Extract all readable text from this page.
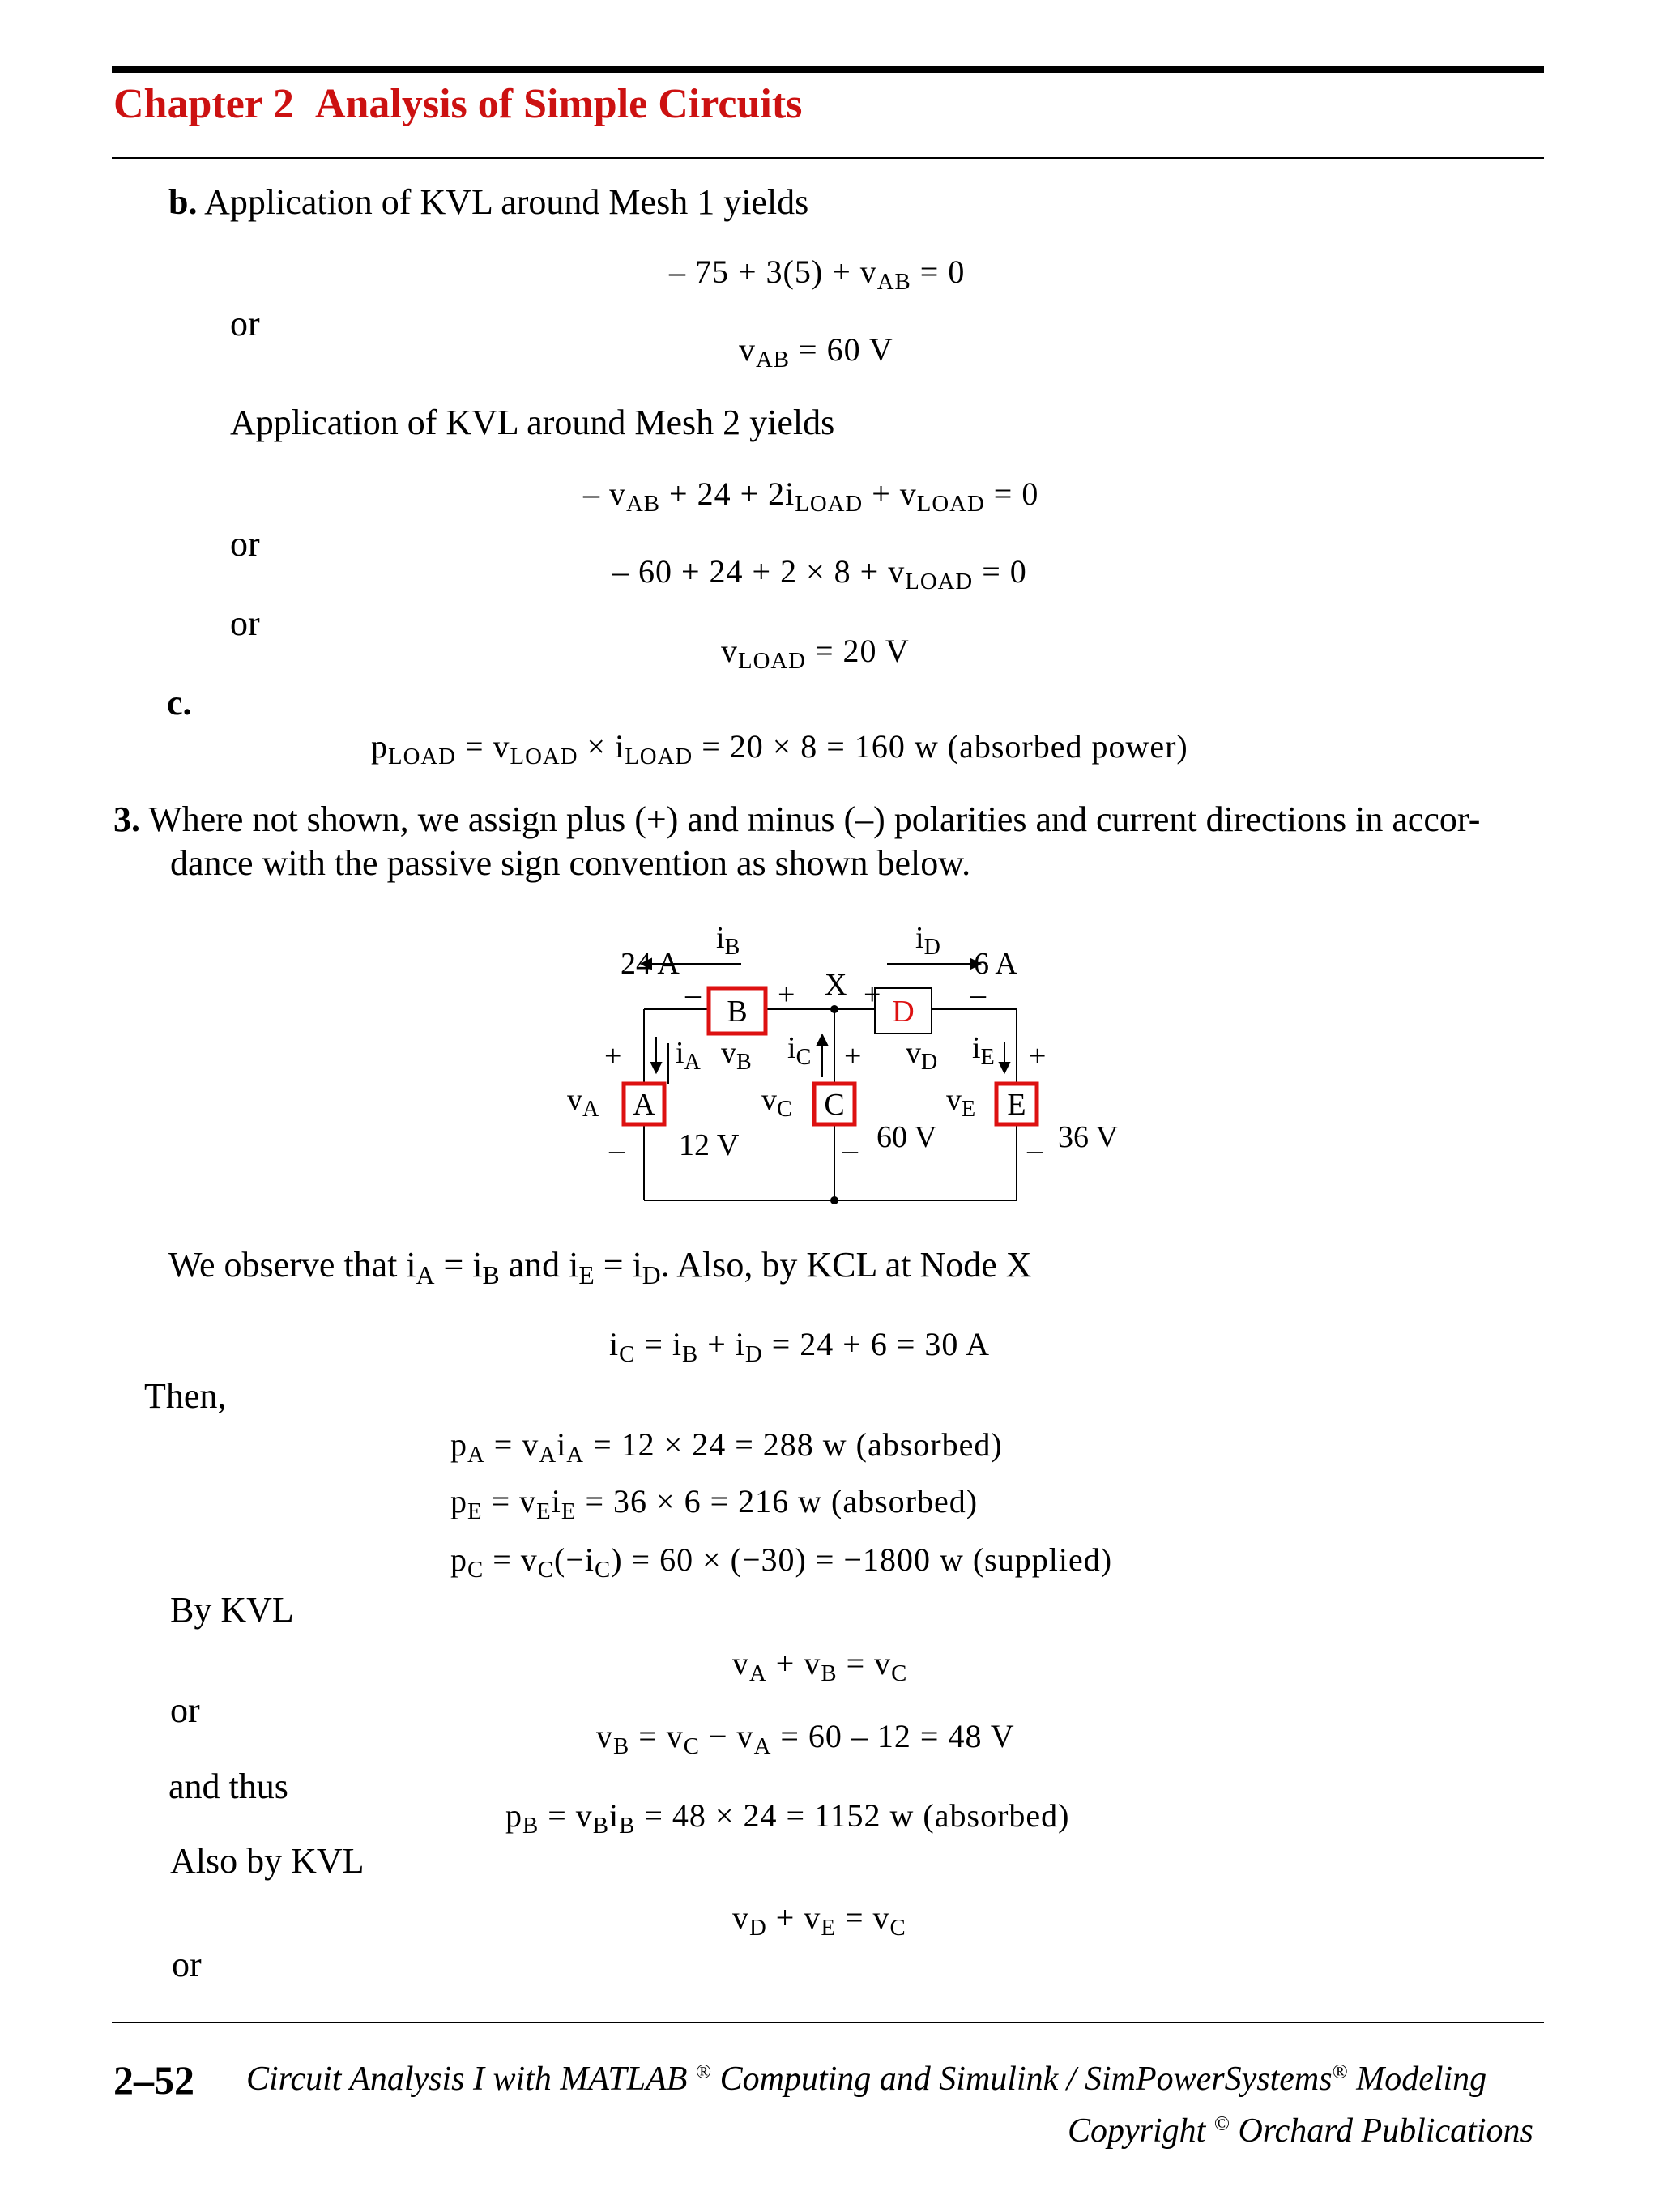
Chapter 2 Analysis of Simple Circuits
b. Application of KVL around Mesh 1 yields
– $75 + 3(5) + v_{AB} = 0$
or
$v_{AB} = 60$ V
Application of KVL around Mesh 2 yields
– $v_{AB} + 24 + 2i_{LOAD} + v_{LOAD} = 0$
or
– $60 + 24 + 2 \times 8 + v_{LOAD} = 0$
or
$v_{LOAD} = 20$ V
c.
$p_{LOAD} = v_{LOAD} \times i_{LOAD} = 20 \times 8 = 160$ w (absorbed power)
3. Where not shown, we assign plus (+) and minus (–) polarities and current directions in accor-
dance with the passive sign convention as shown below.
A
B
C
D
E
24 A	6 A
$i_B$	$i_D$
X
$i_A$ $v_B$ $i_C$	$v_D$ $i_E$
$v_A$	$v_C$	$v_E$
12 V	60 V	36 V
–	+ +	–
+	+	+
–	–	–
We observe that $i_A = i_B$ and $i_E = i_D$. Also, by KCL at Node X
$i_C = i_B + i_D = 24 + 6 = 30$ A
Then,
$p_A = v_Ai_A = 12 \times 24 = 288$ w (absorbed)
$p_E = v_Ei_E = 36 \times 6 = 216$ w (absorbed)
$p_C = v_C(-i_C) = 60 \times (-30) = -1800$ w (supplied)
By KVL
$v_A + v_B = v_C$
or
$v_B = v_C - v_A = 60 - 12 = 48$ V
and thus
$p_B = v_Bi_B = 48 \times 24 = 1152$ w (absorbed)
Also by KVL
$v_D + v_E = v_C$
or
2–52 Circuit Analysis I with MATLAB ® Computing and Simulink / SimPowerSystems® Modeling
Copyright © Orchard Publications
